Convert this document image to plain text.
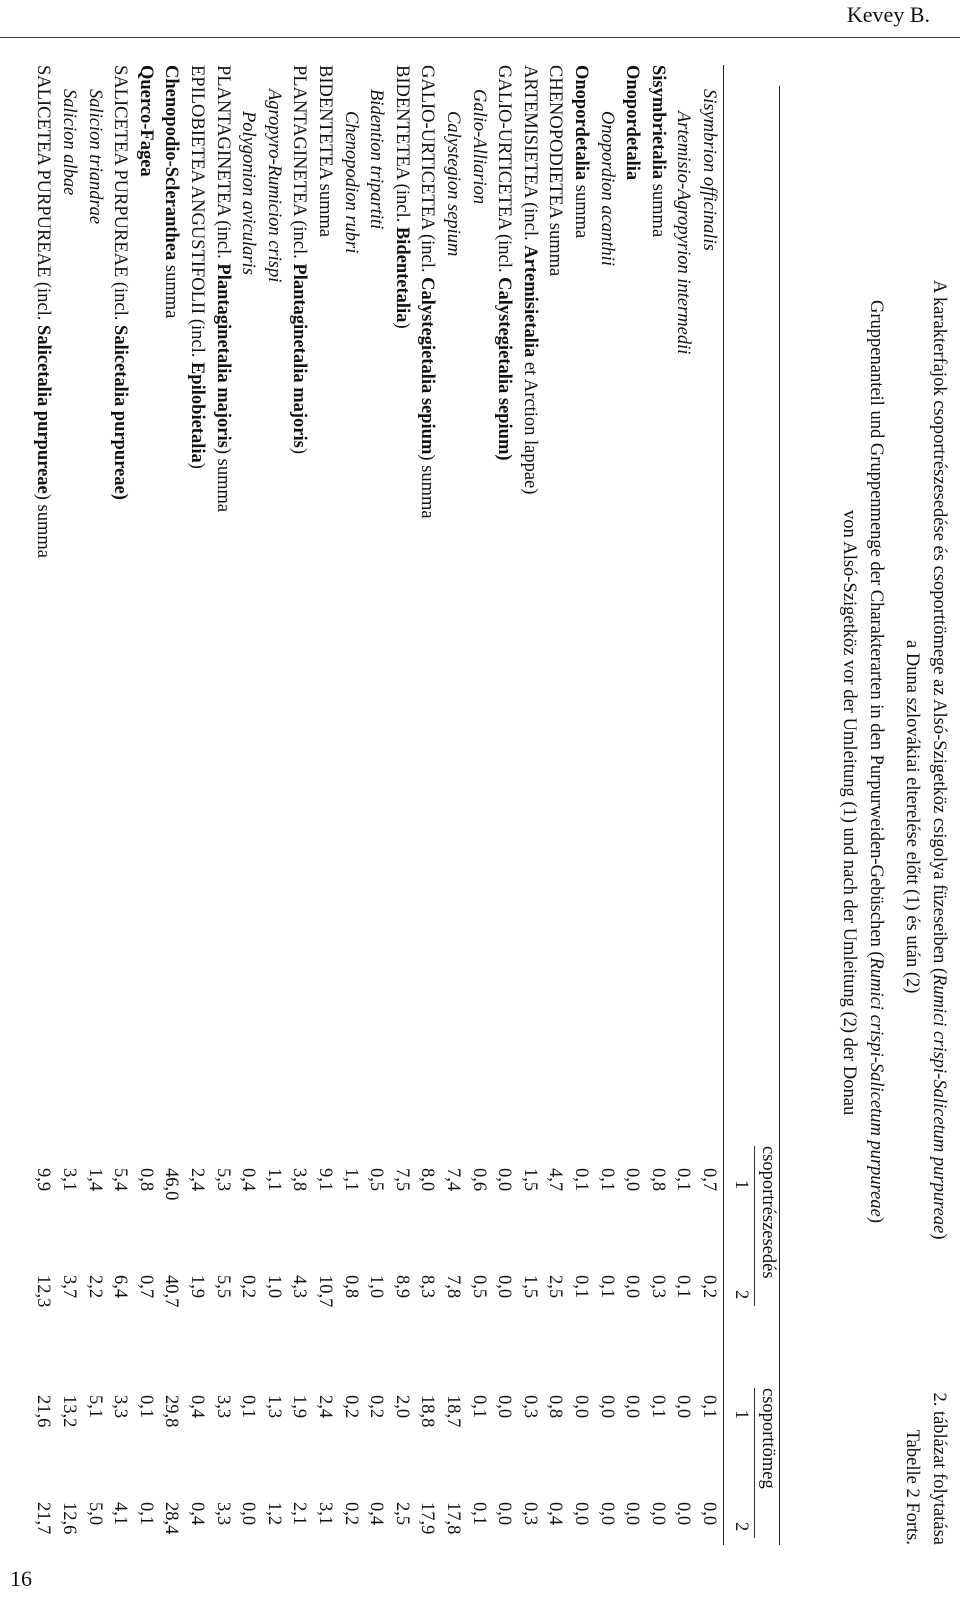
Kevey B.
16
2. táblázat folytatása
Tabelle 2 Forts.
A karakterfajok csoportrészesedése és csoporttömege az Alsó-Szigetköz csigolya füzeseiben (Rumici crispi-Salicetum purpureae)
a Duna szlovákiai elterelése előtt (1) és után (2)
Gruppenanteil und Gruppenmenge der Charakterarten in den Purpurweiden-Gebüschen (Rumici crispi-Salicetum purpureae)
von Alsó-Szigetköz vor der Umleitung (1) und nach der Umleitung (2) der Donau
csoportrészesedés
csoporttömeg
1
2
1
2
Sisymbrion officinalis
0,7
0,2
0,1
0,0
Artemisio-Agropyrion intermedii
0,1
0,1
0,0
0,0
Sisymbrietalia summa
0,8
0,3
0,1
0,0
Onopordetalia
0,0
0,0
0,0
0,0
Onopordion acanthii
0,1
0,1
0,0
0,0
Onopordetalia summa
0,1
0,1
0,0
0,0
CHENOPODIETEA summa
4,7
2,5
0,8
0,4
ARTEMISIETEA (incl. Artemisietalia et Arction lappae)
1,5
1,5
0,3
0,3
GALIO-URTICETEA (incl. Calystegietalia sepium)
0,0
0,0
0,0
0,0
Galio-Alliarion
0,6
0,5
0,1
0,1
Calystegion sepium
7,4
7,8
18,7
17,8
GALIO-URTICETEA (incl. Calystegietalia sepium) summa
8,0
8,3
18,8
17,9
BIDENTETEA (incl. Bidentetalia)
7,5
8,9
2,0
2,5
Bidention tripartiti
0,5
1,0
0,2
0,4
Chenopodion rubri
1,1
0,8
0,2
0,2
BIDENTETEA summa
9,1
10,7
2,4
3,1
PLANTAGINETEA (incl. Plantaginetalia majoris)
3,8
4,3
1,9
2,1
Agropyro-Rumicion crispi
1,1
1,0
1,3
1,2
Polygonion avicularis
0,4
0,2
0,1
0,0
PLANTAGINETEA (incl. Plantaginetalia majoris) summa
5,3
5,5
3,3
3,3
EPILOBIETEA ANGUSTIFOLII (incl. Epilobietalia)
2,4
1,9
0,4
0,4
Chenopodio-Scleranthea summa
46,0
40,7
29,8
28,4
Querco-Fagea
0,8
0,7
0,1
0,1
SALICETEA PURPUREAE (incl. Salicetalia purpureae)
5,4
6,4
3,3
4,1
Salicion triandrae
1,4
2,2
5,1
5,0
Salicion albae
3,1
3,7
13,2
12,6
SALICETEA PURPUREAE (incl. Salicetalia purpureae) summa
9,9
12,3
21,6
21,7
